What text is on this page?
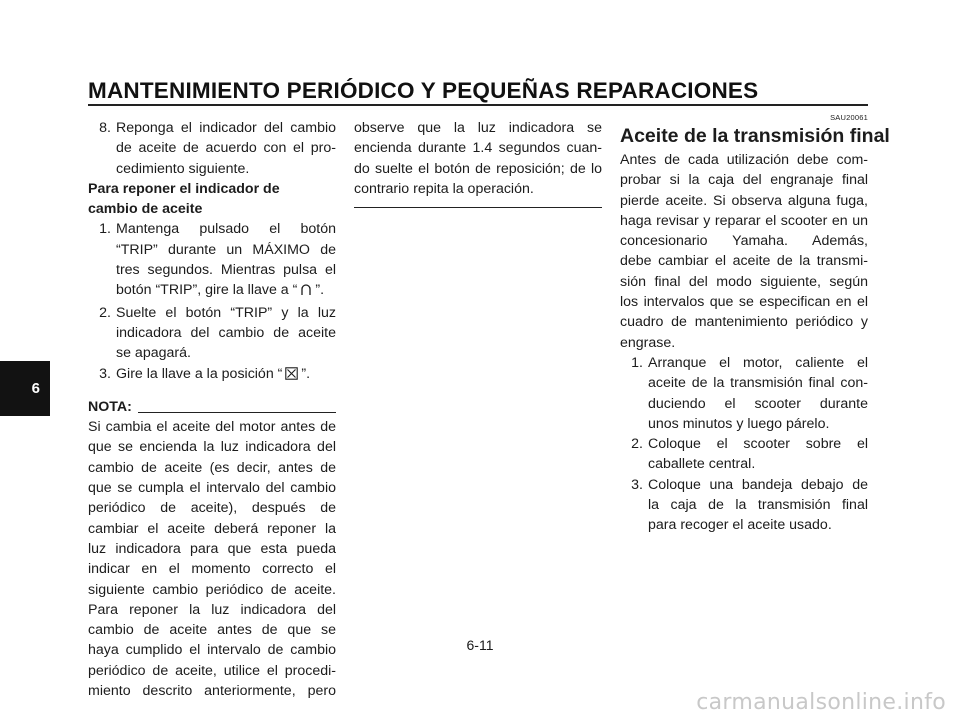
MANTENIMIENTO PERIÓDICO Y PEQUEÑAS REPARACIONES
6
8. Reponga el indicador del cambio
de aceite de acuerdo con el pro-
cedimiento siguiente.
Para reponer el indicador de
cambio de aceite
1. Mantenga pulsado el botón
“TRIP” durante un MÁXIMO de
tres segundos. Mientras pulsa el
botón “TRIP”, gire la llave a “ ”.
2. Suelte el botón “TRIP” y la luz
indicadora del cambio de aceite
se apagará.
3. Gire la llave a la posición “ ”.
NOTA:
Si cambia el aceite del motor antes de
que se encienda la luz indicadora del
cambio de aceite (es decir, antes de
que se cumpla el intervalo del cambio
periódico de aceite), después de
cambiar el aceite deberá reponer la
luz indicadora para que esta pueda
indicar en el momento correcto el
siguiente cambio periódico de aceite.
Para reponer la luz indicadora del
cambio de aceite antes de que se
haya cumplido el intervalo de cambio
periódico de aceite, utilice el procedi-
miento descrito anteriormente, pero
observe que la luz indicadora se
encienda durante 1.4 segundos cuan-
do suelte el botón de reposición; de lo
contrario repita la operación.
SAU20061
Aceite de la transmisión final
Antes de cada utilización debe com-
probar si la caja del engranaje final
pierde aceite. Si observa alguna fuga,
haga revisar y reparar el scooter en un
concesionario Yamaha. Además,
debe cambiar el aceite de la transmi-
sión final del modo siguiente, según
los intervalos que se especifican en el
cuadro de mantenimiento periódico y
engrase.
1. Arranque el motor, caliente el
aceite de la transmisión final con-
duciendo el scooter durante
unos minutos y luego párelo.
2. Coloque el scooter sobre el
caballete central.
3. Coloque una bandeja debajo de
la caja de la transmisión final
para recoger el aceite usado.
6-11
carmanualsonline.info
